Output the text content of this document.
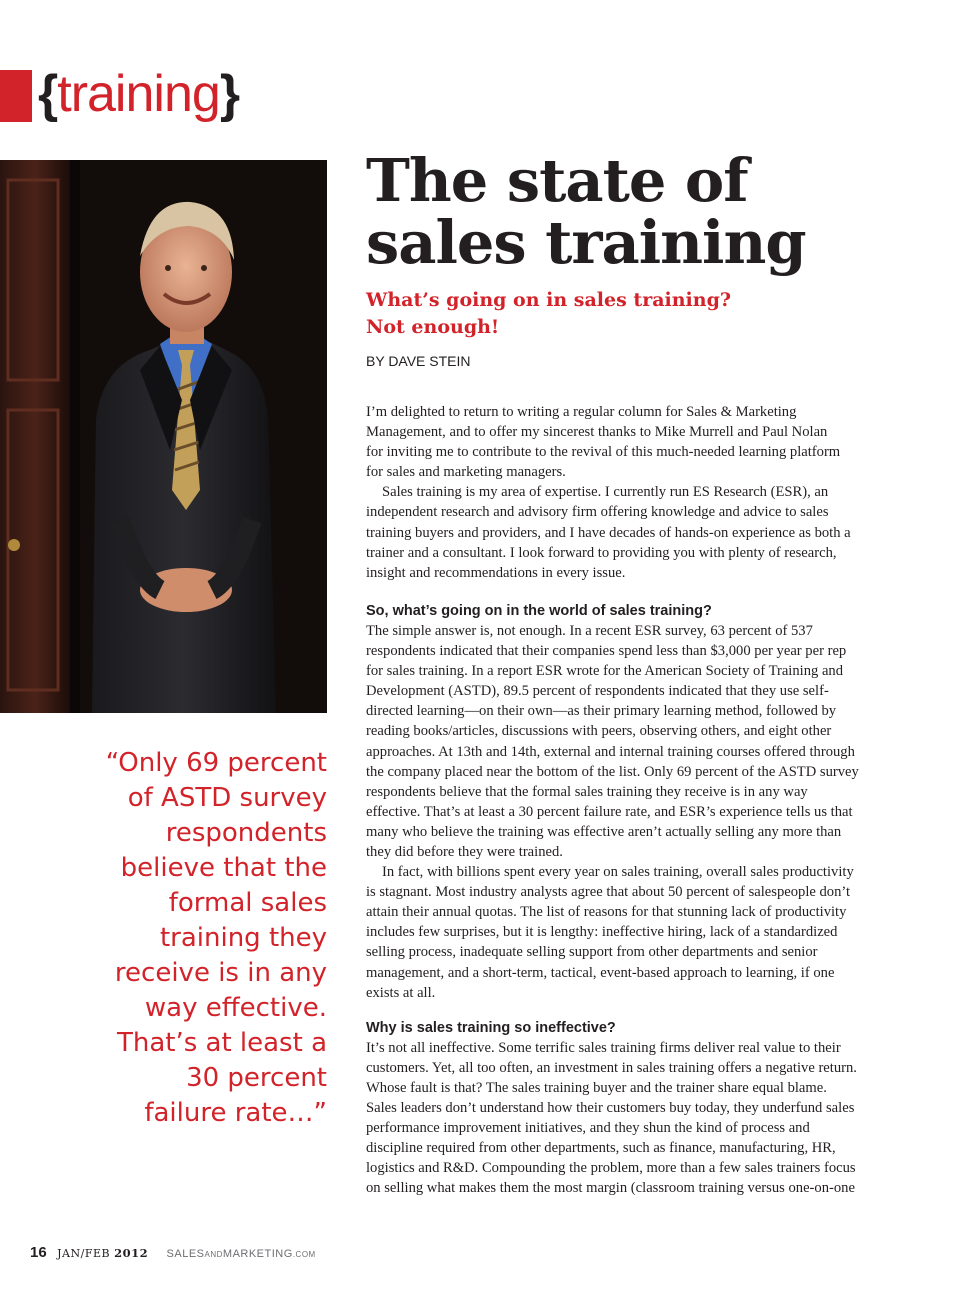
{training}

“Only 69 percent
of ASTD survey
respondents
believe that the
formal sales
training they
receive is in any
way effective.
That’s at least a
30 percent
failure rate…”

The state of
sales training
What’s going on in sales training?
Not enough!
BY DAVE STEIN
I’m delighted to return to writing a regular column for Sales & Marketing
Management, and to offer my sincerest thanks to Mike Murrell and Paul Nolan
for inviting me to contribute to the revival of this much-needed learning platform
for sales and marketing managers.
Sales training is my area of expertise. I currently run ES Research (ESR), an
independent research and advisory firm offering knowledge and advice to sales
training buyers and providers, and I have decades of hands-on experience as both a
trainer and a consultant. I look forward to providing you with plenty of research,
insight and recommendations in every issue.
So, what’s going on in the world of sales training?
The simple answer is, not enough. In a recent ESR survey, 63 percent of 537
respondents indicated that their companies spend less than $3,000 per year per rep
for sales training. In a report ESR wrote for the American Society of Training and
Development (ASTD), 89.5 percent of respondents indicated that they use self-
directed learning—on their own—as their primary learning method, followed by
reading books/articles, discussions with peers, observing others, and eight other
approaches. At 13th and 14th, external and internal training courses offered through
the company placed near the bottom of the list. Only 69 percent of the ASTD survey
respondents believe that the formal sales training they receive is in any way
effective. That’s at least a 30 percent failure rate, and ESR’s experience tells us that
many who believe the training was effective aren’t actually selling any more than
they did before they were trained.
In fact, with billions spent every year on sales training, overall sales productivity
is stagnant. Most industry analysts agree that about 50 percent of salespeople don’t
attain their annual quotas. The list of reasons for that stunning lack of productivity
includes few surprises, but it is lengthy: ineffective hiring, lack of a standardized
selling process, inadequate selling support from other departments and senior
management, and a short-term, tactical, event-based approach to learning, if one
exists at all.
Why is sales training so ineffective?
It’s not all ineffective. Some terrific sales training firms deliver real value to their
customers. Yet, all too often, an investment in sales training offers a negative return.
Whose fault is that? The sales training buyer and the trainer share equal blame.
Sales leaders don’t understand how their customers buy today, they underfund sales
performance improvement initiatives, and they shun the kind of process and
discipline required from other departments, such as finance, manufacturing, HR,
logistics and R&D. Compounding the problem, more than a few sales trainers focus
on selling what makes them the most margin (classroom training versus one-on-one
16 JAN/FEB 2012 SALESANDMARKETING.COM
